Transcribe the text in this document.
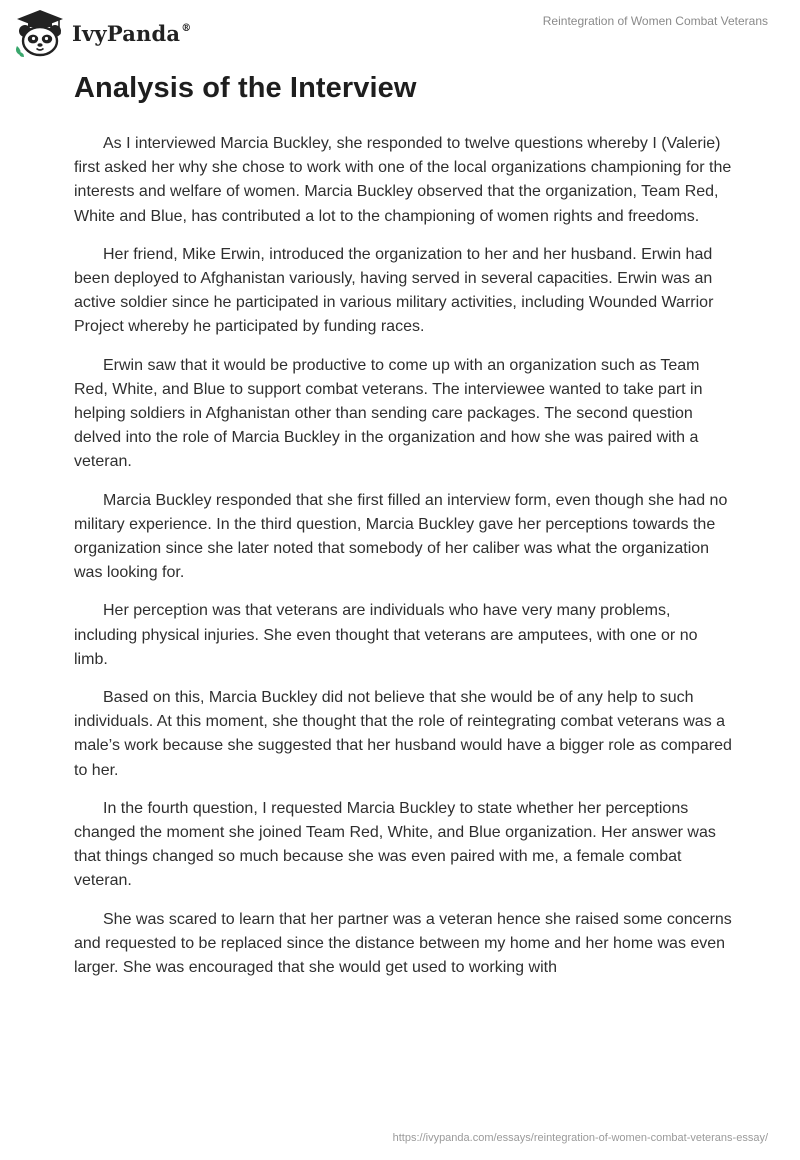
IvyPanda®	Reintegration of Women Combat Veterans
Analysis of the Interview

As I interviewed Marcia Buckley, she responded to twelve questions whereby I (Valerie) first asked her why she chose to work with one of the local organizations championing for the interests and welfare of women. Marcia Buckley observed that the organization, Team Red, White and Blue, has contributed a lot to the championing of women rights and freedoms.

Her friend, Mike Erwin, introduced the organization to her and her husband. Erwin had been deployed to Afghanistan variously, having served in several capacities. Erwin was an active soldier since he participated in various military activities, including Wounded Warrior Project whereby he participated by funding races.

Erwin saw that it would be productive to come up with an organization such as Team Red, White, and Blue to support combat veterans. The interviewee wanted to take part in helping soldiers in Afghanistan other than sending care packages. The second question delved into the role of Marcia Buckley in the organization and how she was paired with a veteran.

Marcia Buckley responded that she first filled an interview form, even though she had no military experience. In the third question, Marcia Buckley gave her perceptions towards the organization since she later noted that somebody of her caliber was what the organization was looking for.

Her perception was that veterans are individuals who have very many problems, including physical injuries. She even thought that veterans are amputees, with one or no limb.

Based on this, Marcia Buckley did not believe that she would be of any help to such individuals. At this moment, she thought that the role of reintegrating combat veterans was a male’s work because she suggested that her husband would have a bigger role as compared to her.

In the fourth question, I requested Marcia Buckley to state whether her perceptions changed the moment she joined Team Red, White, and Blue organization. Her answer was that things changed so much because she was even paired with me, a female combat veteran.

She was scared to learn that her partner was a veteran hence she raised some concerns and requested to be replaced since the distance between my home and her home was even larger. She was encouraged that she would get used to working with

https://ivypanda.com/essays/reintegration-of-women-combat-veterans-essay/
